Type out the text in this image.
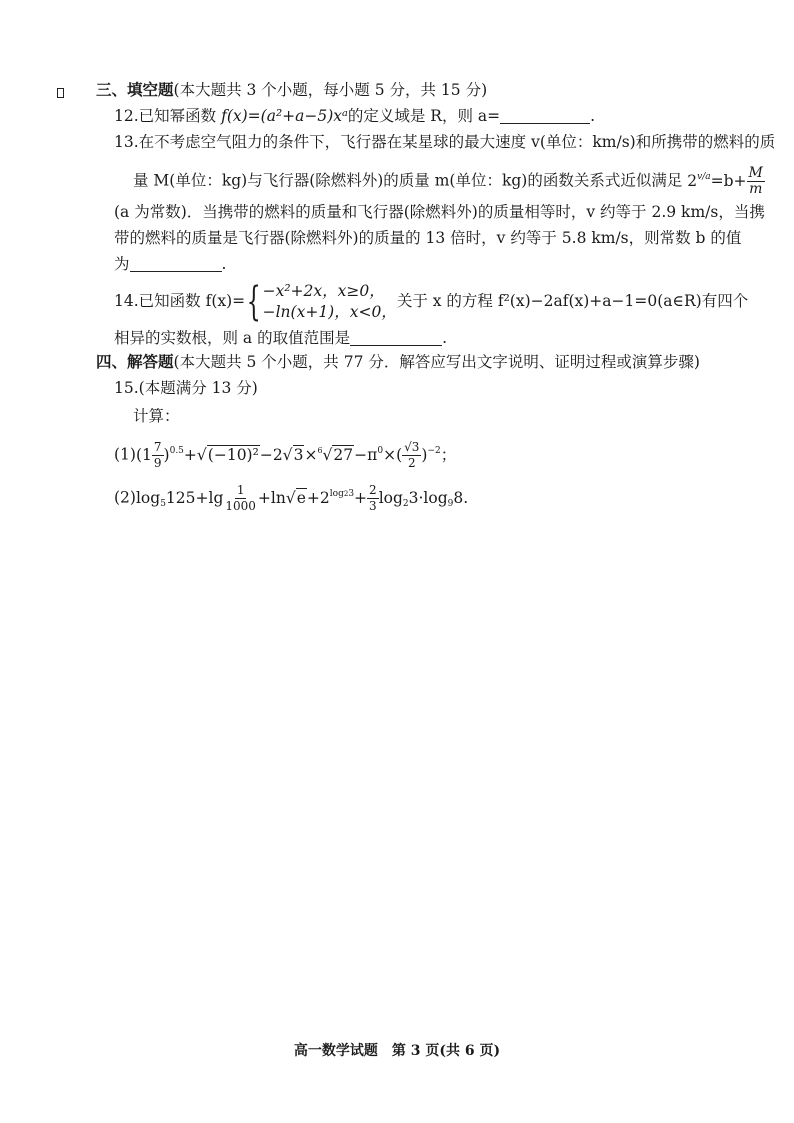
三、填空题(本大题共 3 个小题，每小题 5 分，共 15 分)
12.已知幂函数 f(x)=(a²+a−5)xᵃ的定义域是 R，则 a=	.
13.在不考虑空气阻力的条件下，飞行器在某星球的最大速度 v(单位：km/s)和所携带的燃料的质
量 M(单位：kg)与飞行器(除燃料外)的质量 m(单位：kg)的函数关系式近似满足 $2^{v/a}=b+ \frac{M}{m}$
(a 为常数)．当携带的燃料的质量和飞行器(除燃料外)的质量相等时，v 约等于 2.9 km/s，当携
带的燃料的质量是飞行器(除燃料外)的质量的 13 倍时，v 约等于 5.8 km/s，则常数 b 的值
为	.
14.已知函数 f(x)={ −x²+2x，x≥0，
−ln(x+1)，x<0，
关于 x 的方程 f²(x)−2af(x)+a−1=0(a∈R)有四个
相异的实数根，则 a 的取值范围是	.
四、解答题(本大题共 5 个小题，共 77 分．解答应写出文字说明、证明过程或演算步骤)
15.(本题满分 13 分)
计算：
$(1)(1 \frac{7}{9} )^{0.5}+√(-10)^2-2√3\times^6√27-\pi^0\times( \frac{√3}{2} )^{-2}$；
$(2)\log_5125+\lg \frac{1}{1000} +\ln√e+2^{log23}+ \frac{2}{3} \log_23\cdot\log_98$.
高一数学试题　第 3 页(共 6 页)
